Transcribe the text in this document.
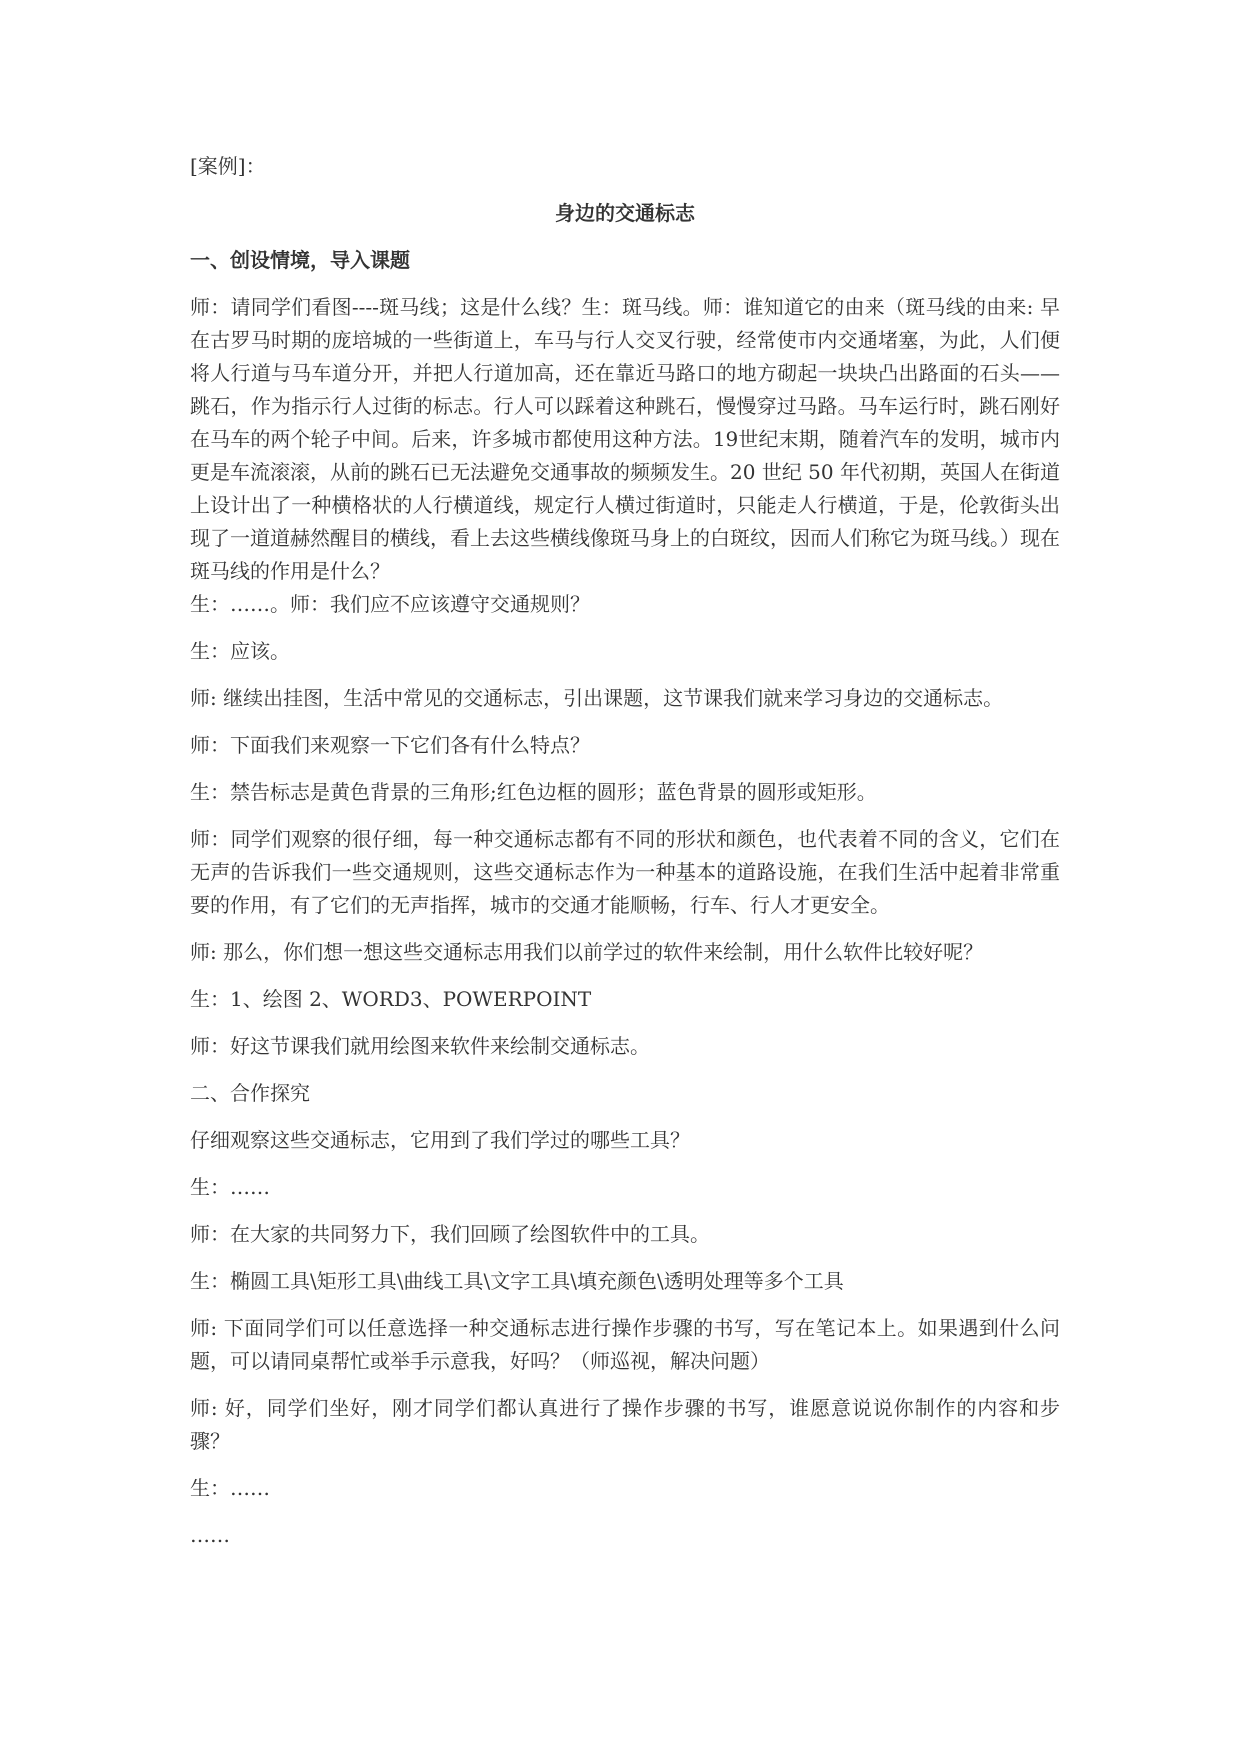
[案例]：

身边的交通标志

一、创设情境，导入课题

师：请同学们看图----斑马线；这是什么线？生：斑马线。师：谁知道它的由来（斑马线的由来: 早在古罗马时期的庞培城的一些街道上，车马与行人交叉行驶，经常使市内交通堵塞，为此，人们便将人行道与马车道分开，并把人行道加高，还在靠近马路口的地方砌起一块块凸出路面的石头——跳石，作为指示行人过街的标志。行人可以踩着这种跳石，慢慢穿过马路。马车运行时，跳石刚好在马车的两个轮子中间。后来，许多城市都使用这种方法。19世纪末期，随着汽车的发明，城市内更是车流滚滚，从前的跳石已无法避免交通事故的频频发生。20 世纪 50 年代初期，英国人在街道上设计出了一种横格状的人行横道线，规定行人横过街道时，只能走人行横道，于是，伦敦街头出现了一道道赫然醒目的横线，看上去这些横线像斑马身上的白斑纹，因而人们称它为斑马线。）现在斑马线的作用是什么？

生：……。师：我们应不应该遵守交通规则？

生：应该。

师: 继续出挂图，生活中常见的交通标志，引出课题，这节课我们就来学习身边的交通标志。

师：下面我们来观察一下它们各有什么特点？

生：禁告标志是黄色背景的三角形;红色边框的圆形；蓝色背景的圆形或矩形。

师：同学们观察的很仔细，每一种交通标志都有不同的形状和颜色，也代表着不同的含义，它们在无声的告诉我们一些交通规则，这些交通标志作为一种基本的道路设施，在我们生活中起着非常重要的作用，有了它们的无声指挥，城市的交通才能顺畅，行车、行人才更安全。

师: 那么，你们想一想这些交通标志用我们以前学过的软件来绘制，用什么软件比较好呢？

生：1、绘图 2、WORD3、POWERPOINT

师：好这节课我们就用绘图来软件来绘制交通标志。

二、合作探究

仔细观察这些交通标志，它用到了我们学过的哪些工具？

生：……

师：在大家的共同努力下，我们回顾了绘图软件中的工具。

生：椭圆工具\矩形工具\曲线工具\文字工具\填充颜色\透明处理等多个工具

师: 下面同学们可以任意选择一种交通标志进行操作步骤的书写，写在笔记本上。如果遇到什么问题，可以请同桌帮忙或举手示意我，好吗？（师巡视，解决问题）

师: 好，同学们坐好，刚才同学们都认真进行了操作步骤的书写，谁愿意说说你制作的内容和步骤？

生：……

……
